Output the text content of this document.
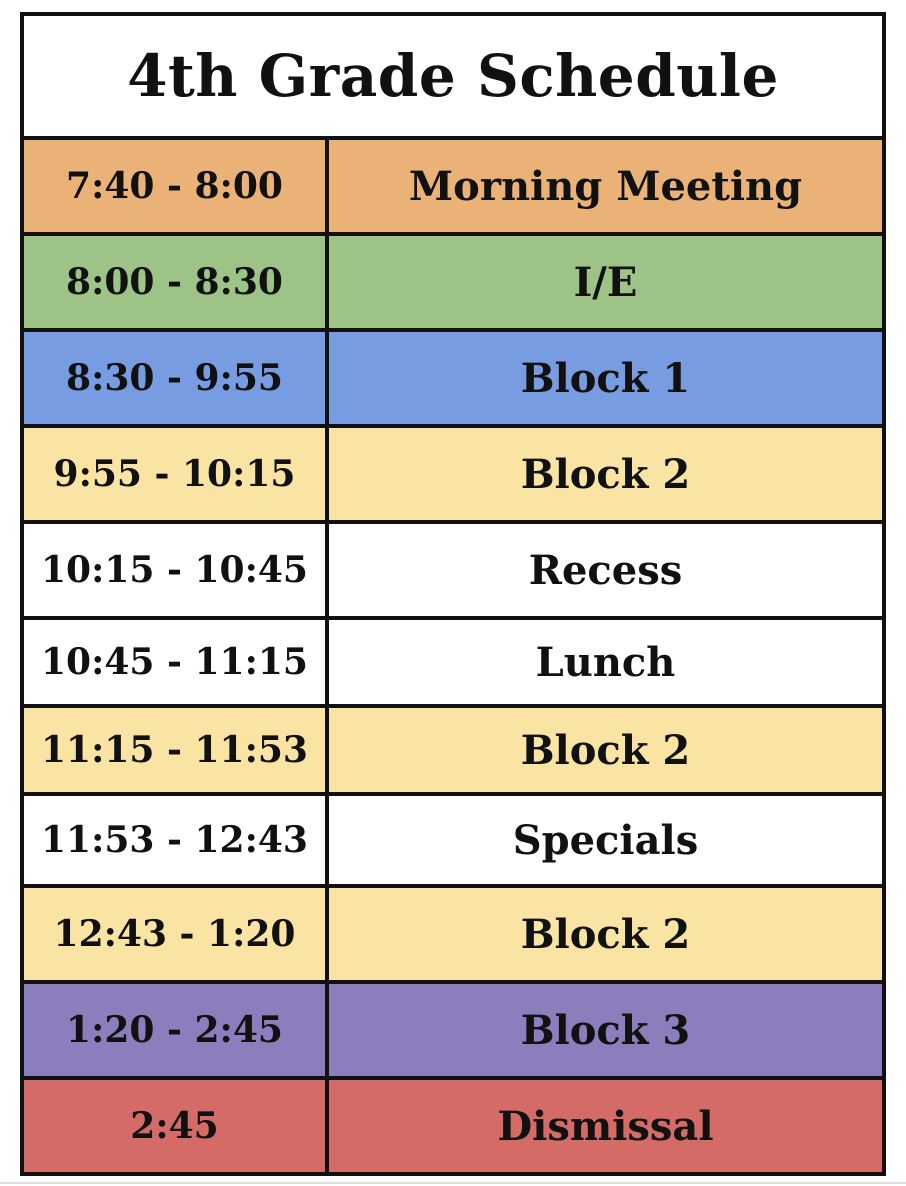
4th Grade Schedule
7:40 - 8:00	Morning Meeting
8:00 - 8:30	I/E
8:30 - 9:55	Block 1
9:55 - 10:15	Block 2
10:15 - 10:45	Recess
10:45 - 11:15	Lunch
11:15 - 11:53	Block 2
11:53 - 12:43	Specials
12:43 - 1:20	Block 2
1:20 - 2:45	Block 3
2:45	Dismissal
